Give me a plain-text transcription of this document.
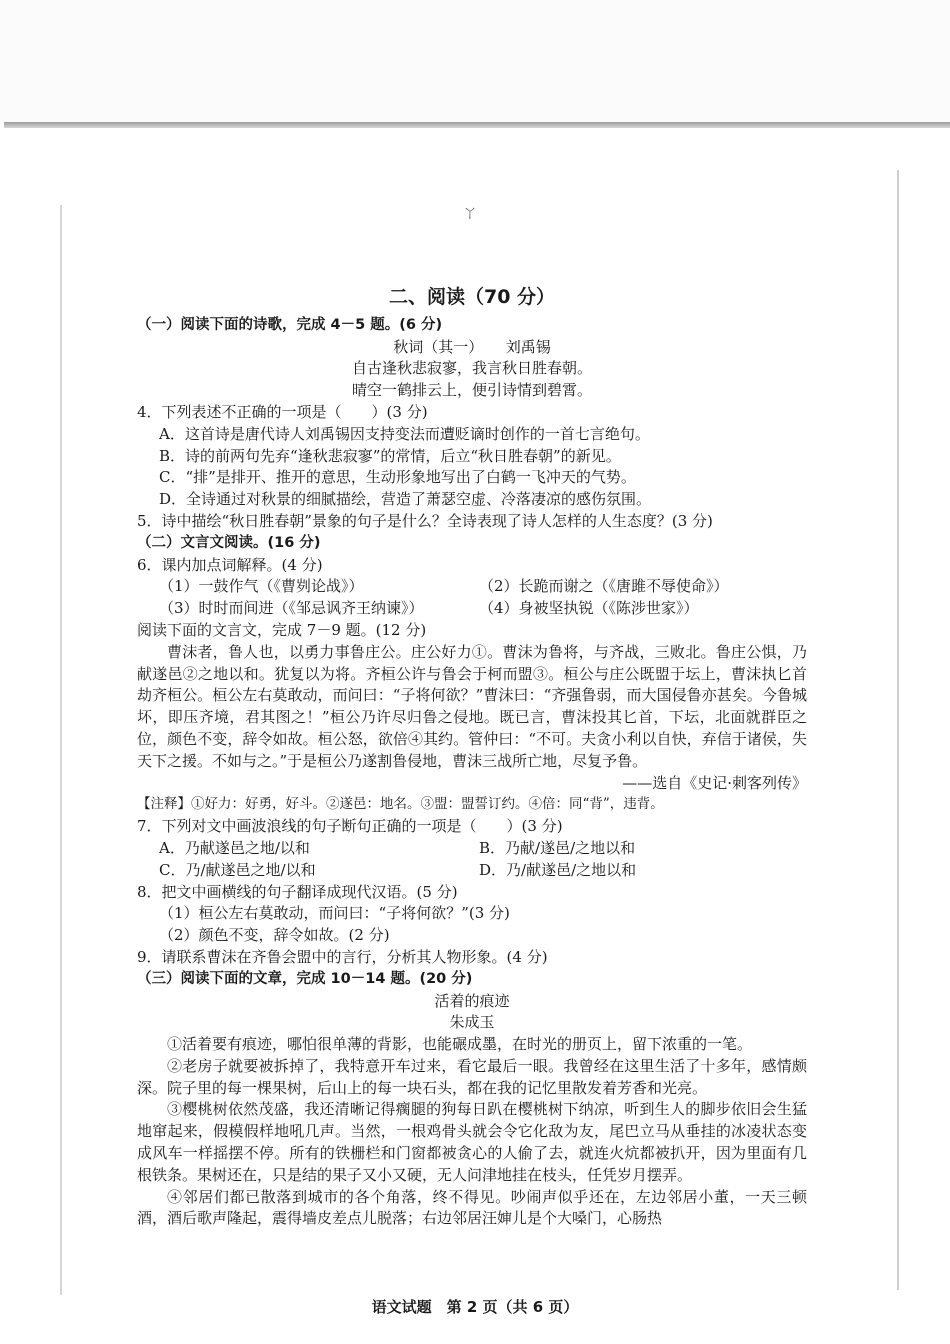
ㄚ
二、阅读（70 分）
（一）阅读下面的诗歌，完成 4－5 题。(6 分)
秋词（其一）　　刘禹锡
自古逢秋悲寂寥，我言秋日胜春朝。
晴空一鹤排云上，便引诗情到碧霄。
4．下列表述不正确的一项是（　　）(3 分)
A．这首诗是唐代诗人刘禹锡因支持变法而遭贬谪时创作的一首七言绝句。
B．诗的前两句先弃“逢秋悲寂寥”的常情，后立“秋日胜春朝”的新见。
C．“排”是排开、推开的意思，生动形象地写出了白鹤一飞冲天的气势。
D．全诗通过对秋景的细腻描绘，营造了萧瑟空虚、冷落凄凉的感伤氛围。
5．诗中描绘“秋日胜春朝”景象的句子是什么？全诗表现了诗人怎样的人生态度？(3 分)
（二）文言文阅读。(16 分)
6．课内加点词解释。(4 分)
（1）一鼓作气（《曹刿论战》）	（2）长跪而谢之（《唐雎不辱使命》）
（3）时时而间进（《邹忌讽齐王纳谏》）	（4）身被坚执锐（《陈涉世家》）
阅读下面的文言文，完成 7－9 题。(12 分)
曹沫者，鲁人也，以勇力事鲁庄公。庄公好力①。曹沫为鲁将，与齐战，三败北。鲁庄公惧，乃献遂邑②之地以和。犹复以为将。齐桓公许与鲁会于柯而盟③。桓公与庄公既盟于坛上，曹沫执匕首劫齐桓公。桓公左右莫敢动，而问曰：“子将何欲？”曹沫曰：“齐强鲁弱，而大国侵鲁亦甚矣。今鲁城坏，即压齐境，君其图之！”桓公乃许尽归鲁之侵地。既已言，曹沫投其匕首，下坛，北面就群臣之位，颜色不变，辞令如故。桓公怒，欲倍④其约。管仲曰：“不可。夫贪小利以自快，弃信于诸侯，失天下之援。不如与之。”于是桓公乃遂割鲁侵地，曹沫三战所亡地，尽复予鲁。
——选自《史记·刺客列传》
【注释】①好力：好勇，好斗。②遂邑：地名。③盟：盟誓订约。④倍：同“背”，违背。
7．下列对文中画波浪线的句子断句正确的一项是（　　）(3 分)
A．乃献遂邑之地/以和	B．乃献/遂邑/之地以和
C．乃/献遂邑之地/以和	D．乃/献遂邑/之地以和
8．把文中画横线的句子翻译成现代汉语。(5 分)
（1）桓公左右莫敢动，而问曰：“子将何欲？”(3 分)
（2）颜色不变，辞令如故。(2 分)
9．请联系曹沫在齐鲁会盟中的言行，分析其人物形象。(4 分)
（三）阅读下面的文章，完成 10－14 题。(20 分)
活着的痕迹
朱成玉
①活着要有痕迹，哪怕很单薄的背影，也能碾成墨，在时光的册页上，留下浓重的一笔。
②老房子就要被拆掉了，我特意开车过来，看它最后一眼。我曾经在这里生活了十多年，感情颇深。院子里的每一棵果树，后山上的每一块石头，都在我的记忆里散发着芳香和光亮。
③樱桃树依然茂盛，我还清晰记得瘸腿的狗每日趴在樱桃树下纳凉，听到生人的脚步依旧会生猛地窜起来，假模假样地吼几声。当然，一根鸡骨头就会令它化敌为友，尾巴立马从垂挂的冰凌状态变成风车一样摇摆不停。所有的铁栅栏和门窗都被贪心的人偷了去，就连火炕都被扒开，因为里面有几根铁条。果树还在，只是结的果子又小又硬，无人问津地挂在枝头，任凭岁月摆弄。
④邻居们都已散落到城市的各个角落，终不得见。吵闹声似乎还在，左边邻居小董，一天三顿酒，酒后歌声隆起，震得墙皮差点儿脱落；右边邻居汪婶儿是个大嗓门，心肠热
语文试题　第 2 页（共 6 页）
